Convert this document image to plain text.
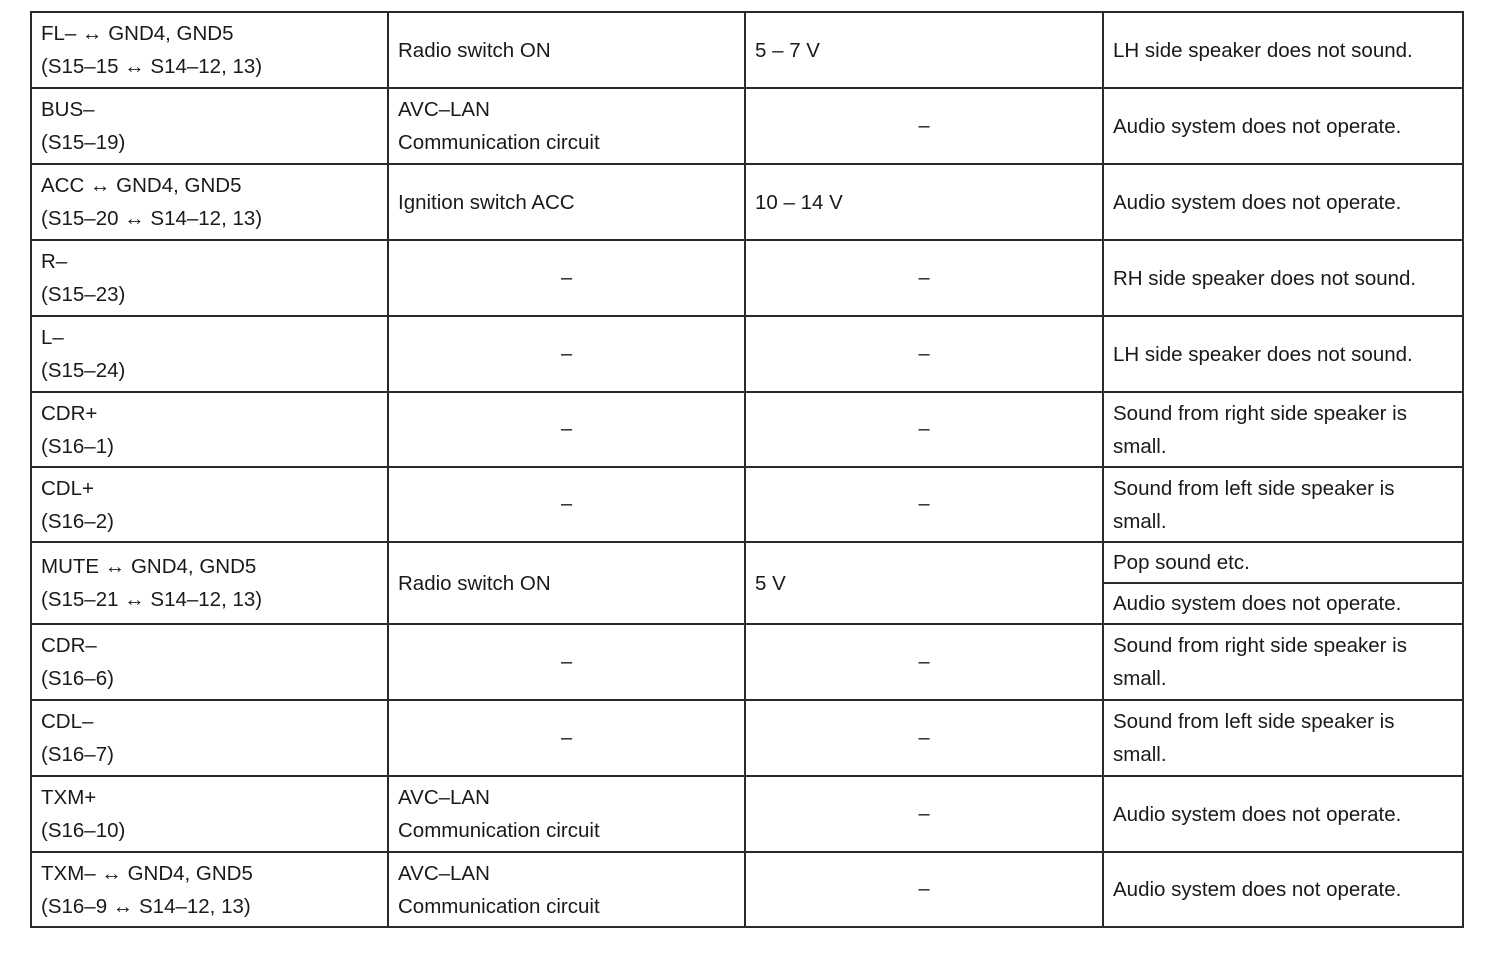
FL– ↔ GND4, GND5
(S15–15 ↔ S14–12, 13)	Radio switch ON	5 – 7 V	LH side speaker does not sound.

BUS–
(S15–19)	AVC–LAN
Communication circuit	–	Audio system does not operate.

ACC ↔ GND4, GND5
(S15–20 ↔ S14–12, 13)	Ignition switch ACC	10 – 14 V	Audio system does not operate.

R–
(S15–23)	–	–	RH side speaker does not sound.

L–
(S15–24)	–	–	LH side speaker does not sound.

CDR+
(S16–1)	–	–	Sound from right side speaker is small.

CDL+
(S16–2)	–	–	Sound from left side speaker is small.

MUTE ↔ GND4, GND5
(S15–21 ↔ S14–12, 13)	Radio switch ON	5 V	Pop sound etc.

			Audio system does not operate.

CDR–
(S16–6)	–	–	Sound from right side speaker is small.

CDL–
(S16–7)	–	–	Sound from left side speaker is small.

TXM+
(S16–10)	AVC–LAN
Communication circuit	–	Audio system does not operate.

TXM– ↔ GND4, GND5
(S16–9 ↔ S14–12, 13)	AVC–LAN
Communication circuit	–	Audio system does not operate.
